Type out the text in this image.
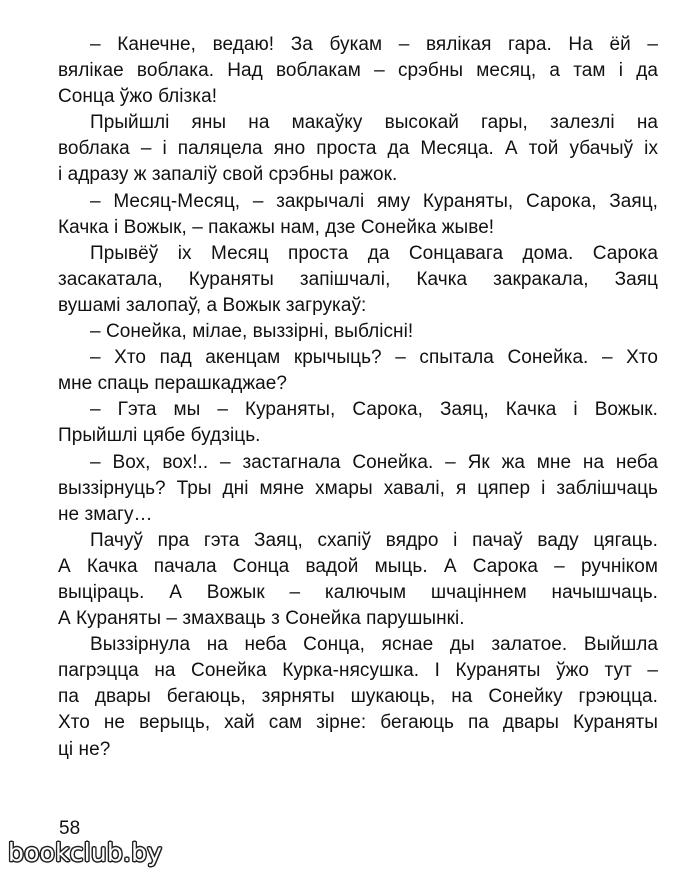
– Канечне, ведаю! За букам – вялікая гара. На ёй –
вялікае воблака. Над воблакам – срэбны месяц, а там і да
Сонца ўжо блізка!
Прыйшлі яны на макаўку высокай гары, залезлі на
воблака – і паляцела яно проста да Месяца. А той убачыў іх
і адразу ж запаліў свой срэбны ражок.
– Месяц-Месяц, – закрычалі яму Кураняты, Сарока, Заяц,
Качка і Вожык, – пакажы нам, дзе Сонейка жыве!
Прывёў іх Месяц проста да Сонцавага дома. Сарока
засакатала, Кураняты запішчалі, Качка закракала, Заяц
вушамі залопаў, а Вожык загрукаў:
– Сонейка, мілае, выззірні, выблісні!
– Хто пад акенцам крычыць? – спытала Сонейка. – Хто
мне спаць перашкаджае?
– Гэта мы – Кураняты, Сарока, Заяц, Качка і Вожык.
Прыйшлі цябе будзіць.
– Вох, вох!.. – застагнала Сонейка. – Як жа мне на неба
выззірнуць? Тры дні мяне хмары хавалі, я цяпер і заблішчаць
не змагу…
Пачуў пра гэта Заяц, схапіў вядро і пачаў ваду цягаць.
А Качка пачала Сонца вадой мыць. А Сарока – ручніком
выціраць. А Вожык – калючым шчаціннем начышчаць.
А Кураняты – змахваць з Сонейка парушынкі.
Выззірнула на неба Сонца, яснае ды залатое. Выйшла
пагрэцца на Сонейка Курка-нясушка. І Кураняты ўжо тут –
па двары бегаюць, зярняты шукаюць, на Сонейку грэюцца.
Хто не верыць, хай сам зірне: бегаюць па двары Кураняты
ці не?
58
bookclub.by
